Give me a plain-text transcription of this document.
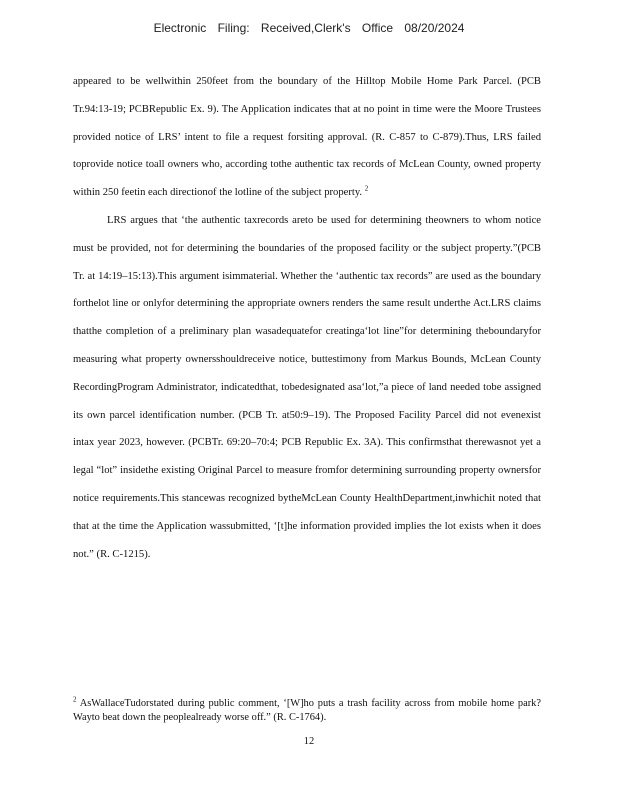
Electronic Filing: Received,Clerk's Office 08/20/2024

appeared to be wellwithin 250feet from the boundary of the Hilltop Mobile Home Park Parcel. (PCB Tr.94:13-19; PCBRepublic Ex. 9). The Application indicates that at no point in time were the Moore Trustees provided notice of LRS’ intent to file a request forsiting approval. (R. C-857 to C-879).Thus, LRS failed toprovide notice toall owners who, according tothe authentic tax records of McLean County, owned property within 250 feetin each directionof the lotline of the subject property. $^2$

LRS argues that ‘the authentic taxrecords areto be used for determining theowners to whom notice must be provided, not for determining the boundaries of the proposed facility or the subject property.”(PCB Tr. at 14:19–15:13).This argument isimmaterial. Whether the ‘authentic tax records” are used as the boundary forthelot line or onlyfor determining the appropriate owners renders the same result underthe Act.LRS claims thatthe completion of a preliminary plan wasadequatefor creatinga‘lot line”for determining theboundaryfor measuring what property ownersshouldreceive notice, buttestimony from Markus Bounds, McLean County RecordingProgram Administrator, indicatedthat, tobedesignated asa‘lot,”a piece of land needed tobe assigned its own parcel identification number. (PCB Tr. at50:9–19). The Proposed Facility Parcel did not evenexist intax year 2023, however. (PCBTr. 69:20–70:4; PCB Republic Ex. 3A). This confirmsthat therewasnot yet a legal “lot” insidethe existing Original Parcel to measure fromfor determining surrounding property ownersfor notice requirements.This stancewas recognized bytheMcLean County HealthDepartment,inwhichit noted that that at the time the Application wassubmitted, ‘[t]he information provided implies the lot exists when it does not.” (R. C-1215).

$^2$ AsWallaceTudorstated during public comment, ‘[W]ho puts a trash facility across from mobile home park? Wayto beat down the peoplealready worse off.” (R. C-1764).
12
